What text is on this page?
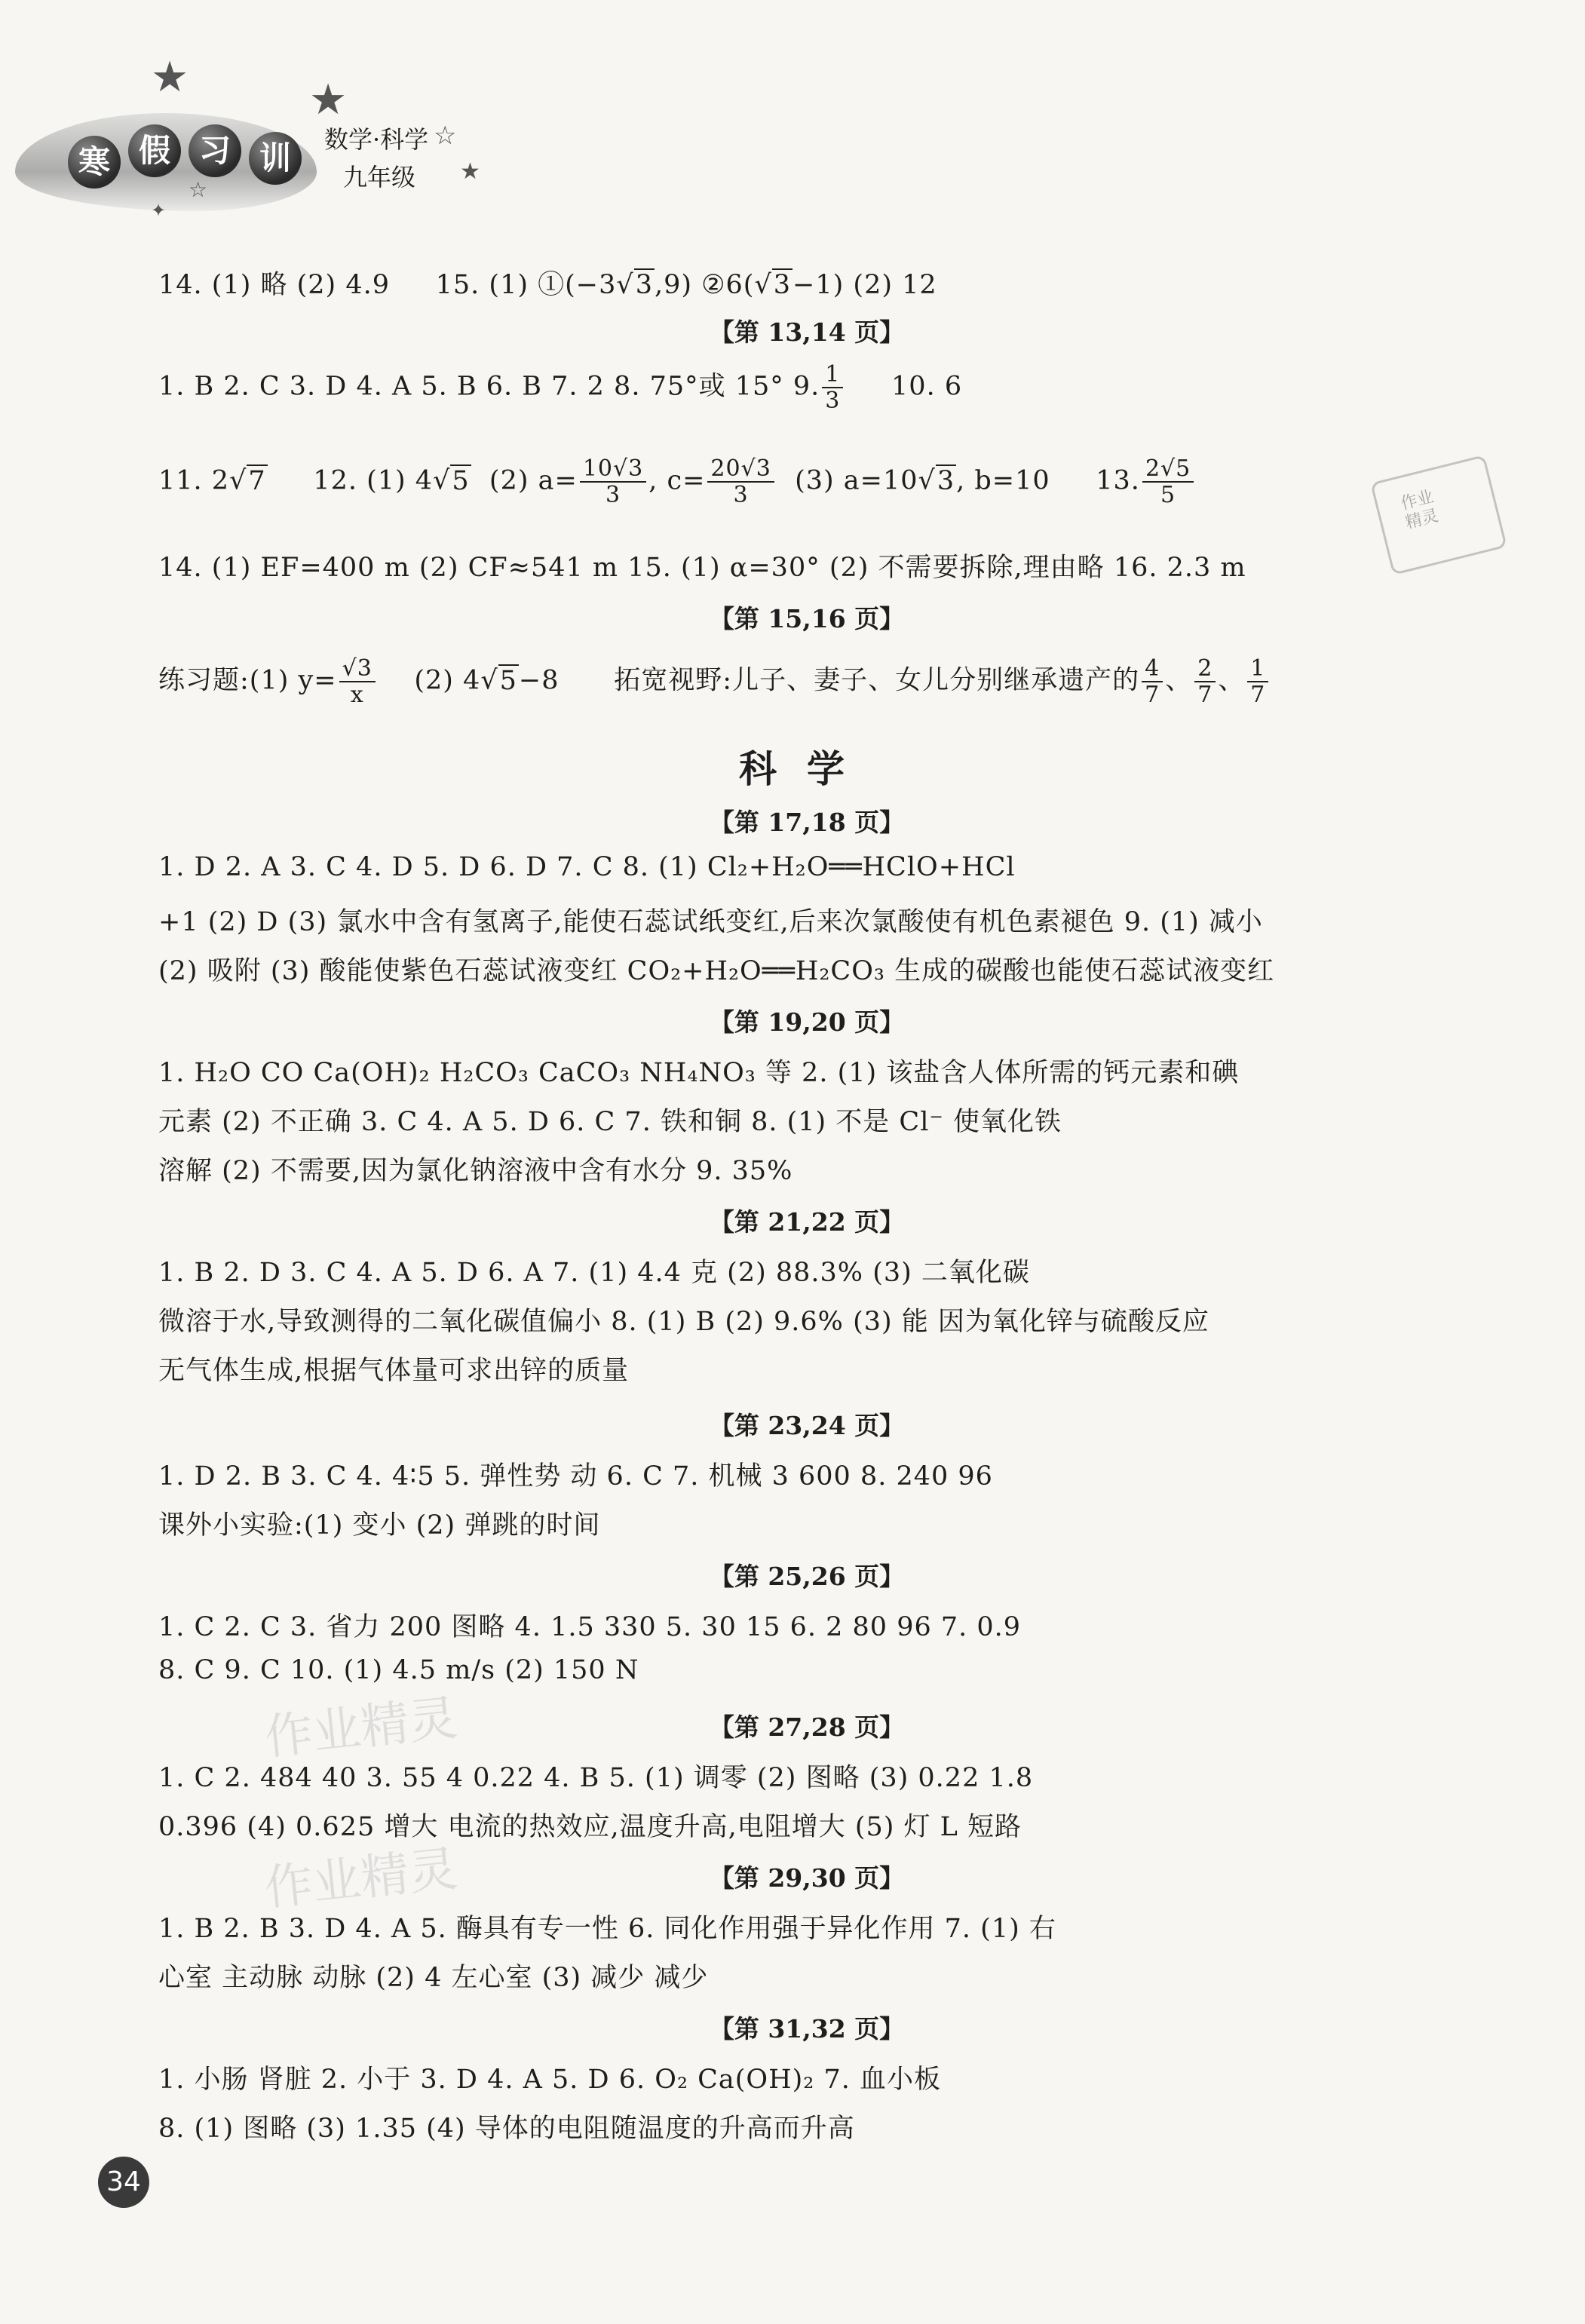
寒 假 习 训
★	★
☆
★
☆
✦
数学·科学
九年级
作业
精灵
作业精灵
作业精灵
14. (1) 略 (2) 4.9 15. (1) ①(−3√3,9) ②6(√3−1) (2) 12
【第 13,14 页】
1. B 2. C 3. D 4. A 5. B 6. B 7. 2 8. 75°或 15° 9. $\frac{1}{3} 10$. 6
11. 2√7 12. (1) 4√5 (2) $a= \frac{10√3}{3}$ , $c= \frac{20√3}{3} (3)$ a=10√3, b=10 13. $\frac{2√5}{5}$
14. (1) EF=400 m (2) CF≈541 m 15. (1) α=30° (2) 不需要拆除,理由略 16. 2.3 m
【第 15,16 页】
练习题:(1) $y= \frac{√3}{x} (2)$ 4√5−8 拓宽视野:儿子、妻子、女儿分别继承遗产的 $\frac{4}{7}$ 、 $\frac{2}{7}$ 、 $\frac{1}{7}$
科学
【第 17,18 页】
1. D 2. A 3. C 4. D 5. D 6. D 7. C 8. (1) Cl₂+H₂O══HClO+HCl
+1 (2) D (3) 氯水中含有氢离子,能使石蕊试纸变红,后来次氯酸使有机色素褪色 9. (1) 减小
(2) 吸附 (3) 酸能使紫色石蕊试液变红 CO₂+H₂O══H₂CO₃ 生成的碳酸也能使石蕊试液变红
【第 19,20 页】
1. H₂O CO Ca(OH)₂ H₂CO₃ CaCO₃ NH₄NO₃ 等 2. (1) 该盐含人体所需的钙元素和碘
元素 (2) 不正确 3. C 4. A 5. D 6. C 7. 铁和铜 8. (1) 不是 Cl⁻ 使氧化铁
溶解 (2) 不需要,因为氯化钠溶液中含有水分 9. 35%
【第 21,22 页】
1. B 2. D 3. C 4. A 5. D 6. A 7. (1) 4.4 克 (2) 88.3% (3) 二氧化碳
微溶于水,导致测得的二氧化碳值偏小 8. (1) B (2) 9.6% (3) 能 因为氧化锌与硫酸反应
无气体生成,根据气体量可求出锌的质量
【第 23,24 页】
1. D 2. B 3. C 4. 4∶5 5. 弹性势 动 6. C 7. 机械 3 600 8. 240 96
课外小实验:(1) 变小 (2) 弹跳的时间
【第 25,26 页】
1. C 2. C 3. 省力 200 图略 4. 1.5 330 5. 30 15 6. 2 80 96 7. 0.9
8. C 9. C 10. (1) 4.5 m/s (2) 150 N
【第 27,28 页】
1. C 2. 484 40 3. 55 4 0.22 4. B 5. (1) 调零 (2) 图略 (3) 0.22 1.8
0.396 (4) 0.625 增大 电流的热效应,温度升高,电阻增大 (5) 灯 L 短路
【第 29,30 页】
1. B 2. B 3. D 4. A 5. 酶具有专一性 6. 同化作用强于异化作用 7. (1) 右
心室 主动脉 动脉 (2) 4 左心室 (3) 减少 减少
【第 31,32 页】
1. 小肠 肾脏 2. 小于 3. D 4. A 5. D 6. O₂ Ca(OH)₂ 7. 血小板
8. (1) 图略 (3) 1.35 (4) 导体的电阻随温度的升高而升高
34
